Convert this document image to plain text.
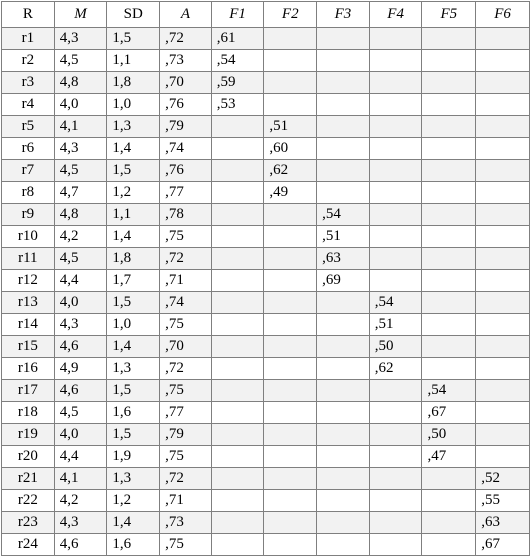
R	M	SD	A	F1	F2	F3	F4	F5	F6
r1	4,3	1,5	,72	,61					
r2	4,5	1,1	,73	,54					
r3	4,8	1,8	,70	,59					
r4	4,0	1,0	,76	,53					
r5	4,1	1,3	,79		,51				
r6	4,3	1,4	,74		,60				
r7	4,5	1,5	,76		,62				
r8	4,7	1,2	,77		,49				
r9	4,8	1,1	,78			,54			
r10	4,2	1,4	,75			,51			
r11	4,5	1,8	,72			,63			
r12	4,4	1,7	,71			,69			
r13	4,0	1,5	,74				,54		
r14	4,3	1,0	,75				,51		
r15	4,6	1,4	,70				,50		
r16	4,9	1,3	,72				,62		
r17	4,6	1,5	,75					,54	
r18	4,5	1,6	,77					,67	
r19	4,0	1,5	,79					,50	
r20	4,4	1,9	,75					,47	
r21	4,1	1,3	,72						,52
r22	4,2	1,2	,71						,55
r23	4,3	1,4	,73						,63
r24	4,6	1,6	,75						,67
